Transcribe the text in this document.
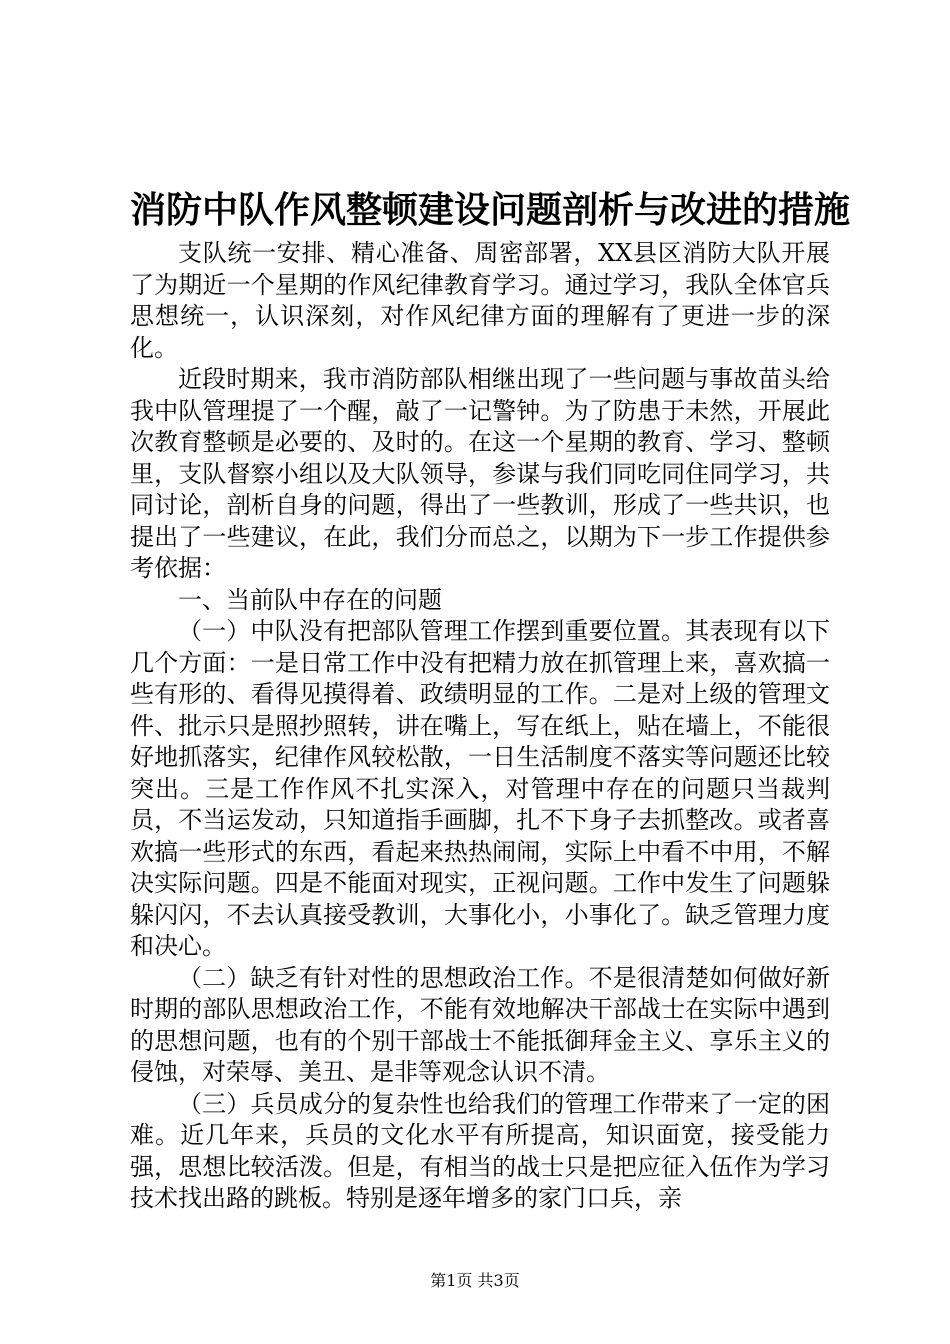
消防中队作风整顿建设问题剖析与改进的措施

支队统一安排、精心准备、周密部署，XX县区消防大队开展了为期近一个星期的作风纪律教育学习。通过学习，我队全体官兵思想统一，认识深刻，对作风纪律方面的理解有了更进一步的深化。

近段时期来，我市消防部队相继出现了一些问题与事故苗头给我中队管理提了一个醒，敲了一记警钟。为了防患于未然，开展此次教育整顿是必要的、及时的。在这一个星期的教育、学习、整顿里，支队督察小组以及大队领导，参谋与我们同吃同住同学习，共同讨论，剖析自身的问题，得出了一些教训，形成了一些共识，也提出了一些建议，在此，我们分而总之，以期为下一步工作提供参考依据：

一、当前队中存在的问题

（一）中队没有把部队管理工作摆到重要位置。其表现有以下几个方面：一是日常工作中没有把精力放在抓管理上来，喜欢搞一些有形的、看得见摸得着、政绩明显的工作。二是对上级的管理文件、批示只是照抄照转，讲在嘴上，写在纸上，贴在墙上，不能很好地抓落实，纪律作风较松散，一日生活制度不落实等问题还比较突出。三是工作作风不扎实深入，对管理中存在的问题只当裁判员，不当运发动，只知道指手画脚，扎不下身子去抓整改。或者喜欢搞一些形式的东西，看起来热热闹闹，实际上中看不中用，不解决实际问题。四是不能面对现实，正视问题。工作中发生了问题躲躲闪闪，不去认真接受教训，大事化小，小事化了。缺乏管理力度和决心。

（二）缺乏有针对性的思想政治工作。不是很清楚如何做好新时期的部队思想政治工作，不能有效地解决干部战士在实际中遇到的思想问题，也有的个别干部战士不能抵御拜金主义、享乐主义的侵蚀，对荣辱、美丑、是非等观念认识不清。

（三）兵员成分的复杂性也给我们的管理工作带来了一定的困难。近几年来，兵员的文化水平有所提高，知识面宽，接受能力强，思想比较活泼。但是，有相当的战士只是把应征入伍作为学习技术找出路的跳板。特别是逐年增多的家门口兵，亲

第1页 共3页
